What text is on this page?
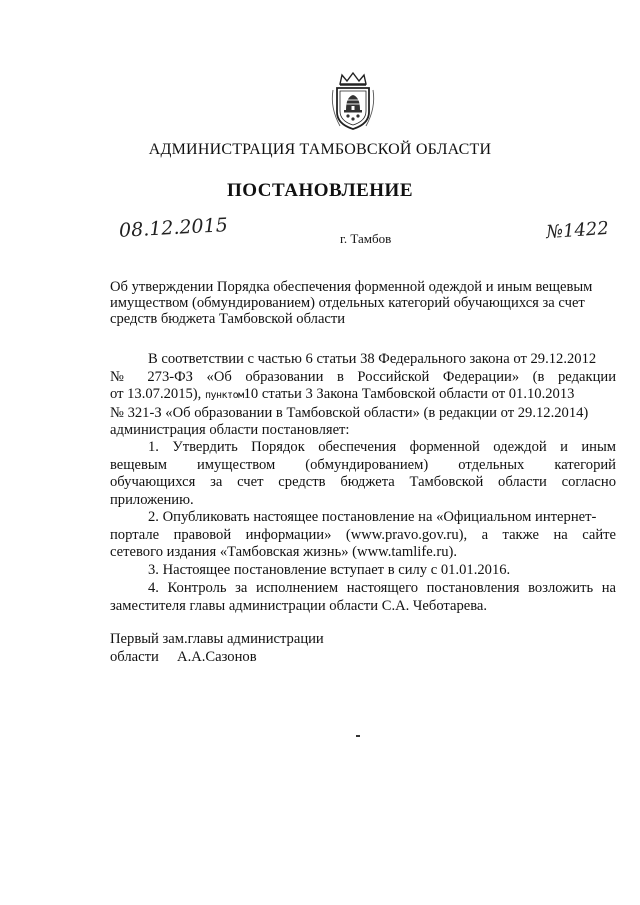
АДМИНИСТРАЦИЯ ТАМБОВСКОЙ ОБЛАСТИ
ПОСТАНОВЛЕНИЕ
08.12.2015	г. Тамбов	№1422
Об утверждении Порядка обеспечения форменной одеждой и иным вещевым
имуществом (обмундированием) отдельных категорий обучающихся за счет
средств бюджета Тамбовской области
В соответствии с частью 6 статьи 38 Федерального закона от 29.12.2012
№ 273-ФЗ «Об образовании в Российской Федерации» (в редакции
от 13.07.2015), пунктом10 статьи 3 Закона Тамбовской области от 01.10.2013
№ 321-З «Об образовании в Тамбовской области» (в редакции от 29.12.2014)
администрация области постановляет:
1. Утвердить Порядок обеспечения форменной одеждой и иным
вещевым имуществом (обмундированием) отдельных категорий
обучающихся за счет средств бюджета Тамбовской области согласно
приложению.
2. Опубликовать настоящее постановление на «Официальном интернет-
портале правовой информации» (www.pravo.gov.ru), а также на сайте
сетевого издания «Тамбовская жизнь» (www.tamlife.ru).
3. Настоящее постановление вступает в силу с 01.01.2016.
4. Контроль за исполнением настоящего постановления возложить на
заместителя главы администрации области С.А. Чеботарева.
Первый зам.главы администрации
области     А.А.Сазонов
